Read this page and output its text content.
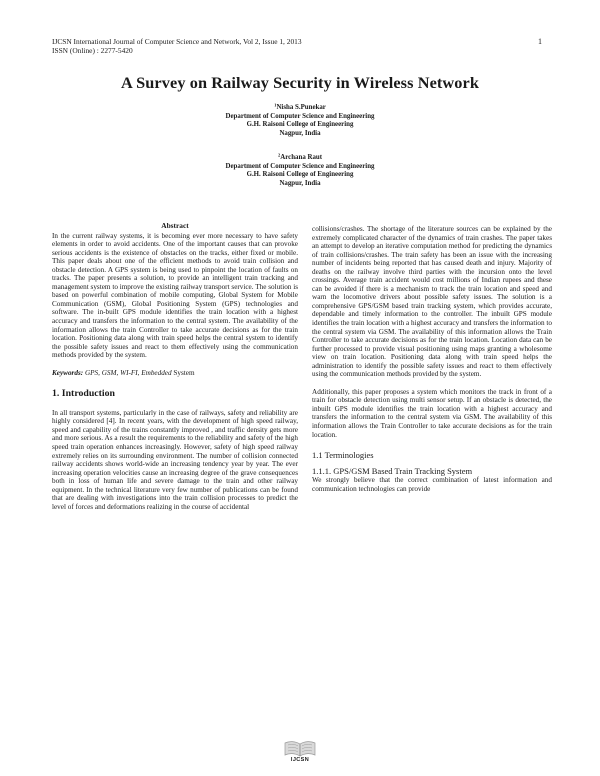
IJCSN International Journal of Computer Science and Network, Vol 2, Issue 1, 2013
ISSN (Online) : 2277-5420
1
A Survey on Railway Security in Wireless Network
$^1$Nisha S.Punekar
Department of Computer Science and Engineering
G.H. Raisoni College of Engineering
Nagpur, India
$^2$Archana Raut
Department of Computer Science and Engineering
G.H. Raisoni College of Engineering
Nagpur, India
Abstract

In the current railway systems, it is becoming ever more necessary to have safety elements in order to avoid accidents. One of the important causes that can provoke serious accidents is the existence of obstacles on the tracks, either fixed or mobile. This paper deals about one of the efficient methods to avoid train collision and obstacle detection. A GPS system is being used to pinpoint the location of faults on tracks. The paper presents a solution, to provide an intelligent train tracking and management system to improve the existing railway transport service. The solution is based on powerful combination of mobile computing, Global System for Mobile Communication (GSM), Global Positioning System (GPS) technologies and software. The in-built GPS module identifies the train location with a highest accuracy and transfers the information to the central system. The availability of the information allows the train Controller to take accurate decisions as for the train location. Positioning data along with train speed helps the central system to identify the possible safety issues and react to them effectively using the communication methods provided by the system.

Keywords: GPS, GSM, WI-FI, Embedded System

1. Introduction

In all transport systems, particularly in the case of railways, safety and reliability are highly considered [4]. In recent years, with the development of high speed railway, speed and capability of the trains constantly improved , and traffic density gets more and more serious. As a result the requirements to the reliability and safety of the high speed train operation enhances increasingly. However, safety of high speed railway extremely relies on its surrounding environment. The number of collision connected railway accidents shows world-wide an increasing tendency year by year. The ever increasing operation velocities cause an increasing degree of the grave consequences both in loss of human life and severe damage to the train and other railway equipment. In the technical literature very few number of publications can be found that are dealing with investigations into the train collision processes to predict the level of forces and deformations realizing in the course of accidental

collisions/crashes. The shortage of the literature sources can be explained by the extremely complicated character of the dynamics of train crashes. The paper takes an attempt to develop an iterative computation method for predicting the dynamics of train collisions/crashes. The train safety has been an issue with the increasing number of incidents being reported that has caused death and injury. Majority of deaths on the railway involve third parties with the incursion onto the level crossings. Average train accident would cost millions of Indian rupees and these can be avoided if there is a mechanism to track the train location and speed and warn the locomotive drivers about possible safety issues. The solution is a comprehensive GPS/GSM based train tracking system, which provides accurate, dependable and timely information to the controller. The inbuilt GPS module identifies the train location with a highest accuracy and transfers the information to the central system via GSM. The availability of this information allows the Train Controller to take accurate decisions as for the train location. Location data can be further processed to provide visual positioning using maps granting a wholesome view on train location. Positioning data along with train speed helps the administration to identify the possible safety issues and react to them effectively using the communication methods provided by the system.

Additionally, this paper proposes a system which monitors the track in front of a train for obstacle detection using multi sensor setup. If an obstacle is detected, the inbuilt GPS module identifies the train location with a highest accuracy and transfers the information to the central system via GSM. The availability of this information allows the Train Controller to take accurate decisions as for the train location.

1.1 Terminologies
1.1.1. GPS/GSM Based Train Tracking System

We strongly believe that the correct combination of latest information and communication technologies can provide

IJCSN
